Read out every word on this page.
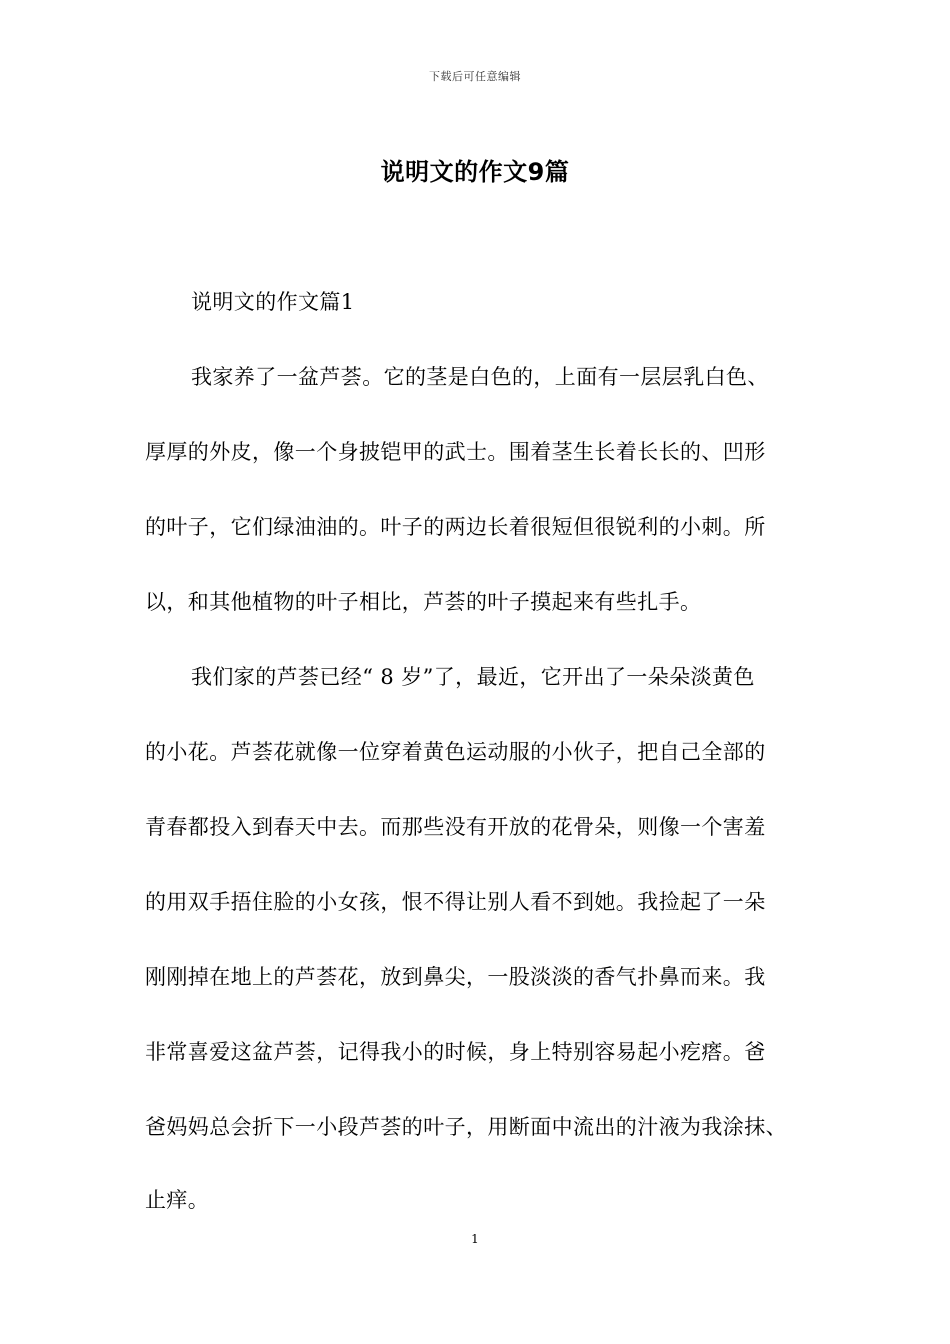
下载后可任意编辑
说明文的作文9篇
说明文的作文篇1
我家养了一盆芦荟。它的茎是白色的，上面有一层层乳白色、
厚厚的外皮，像一个身披铠甲的武士。围着茎生长着长长的、凹形
的叶子，它们绿油油的。叶子的两边长着很短但很锐利的小刺。所
以，和其他植物的叶子相比，芦荟的叶子摸起来有些扎手。
我们家的芦荟已经“ 8 岁”了，最近，它开出了一朵朵淡黄色
的小花。芦荟花就像一位穿着黄色运动服的小伙子，把自己全部的
青春都投入到春天中去。而那些没有开放的花骨朵，则像一个害羞
的用双手捂住脸的小女孩，恨不得让别人看不到她。我捡起了一朵
刚刚掉在地上的芦荟花，放到鼻尖，一股淡淡的香气扑鼻而来。我
非常喜爱这盆芦荟，记得我小的时候，身上特别容易起小疙瘩。爸
爸妈妈总会折下一小段芦荟的叶子，用断面中流出的汁液为我涂抹、
止痒。
1
